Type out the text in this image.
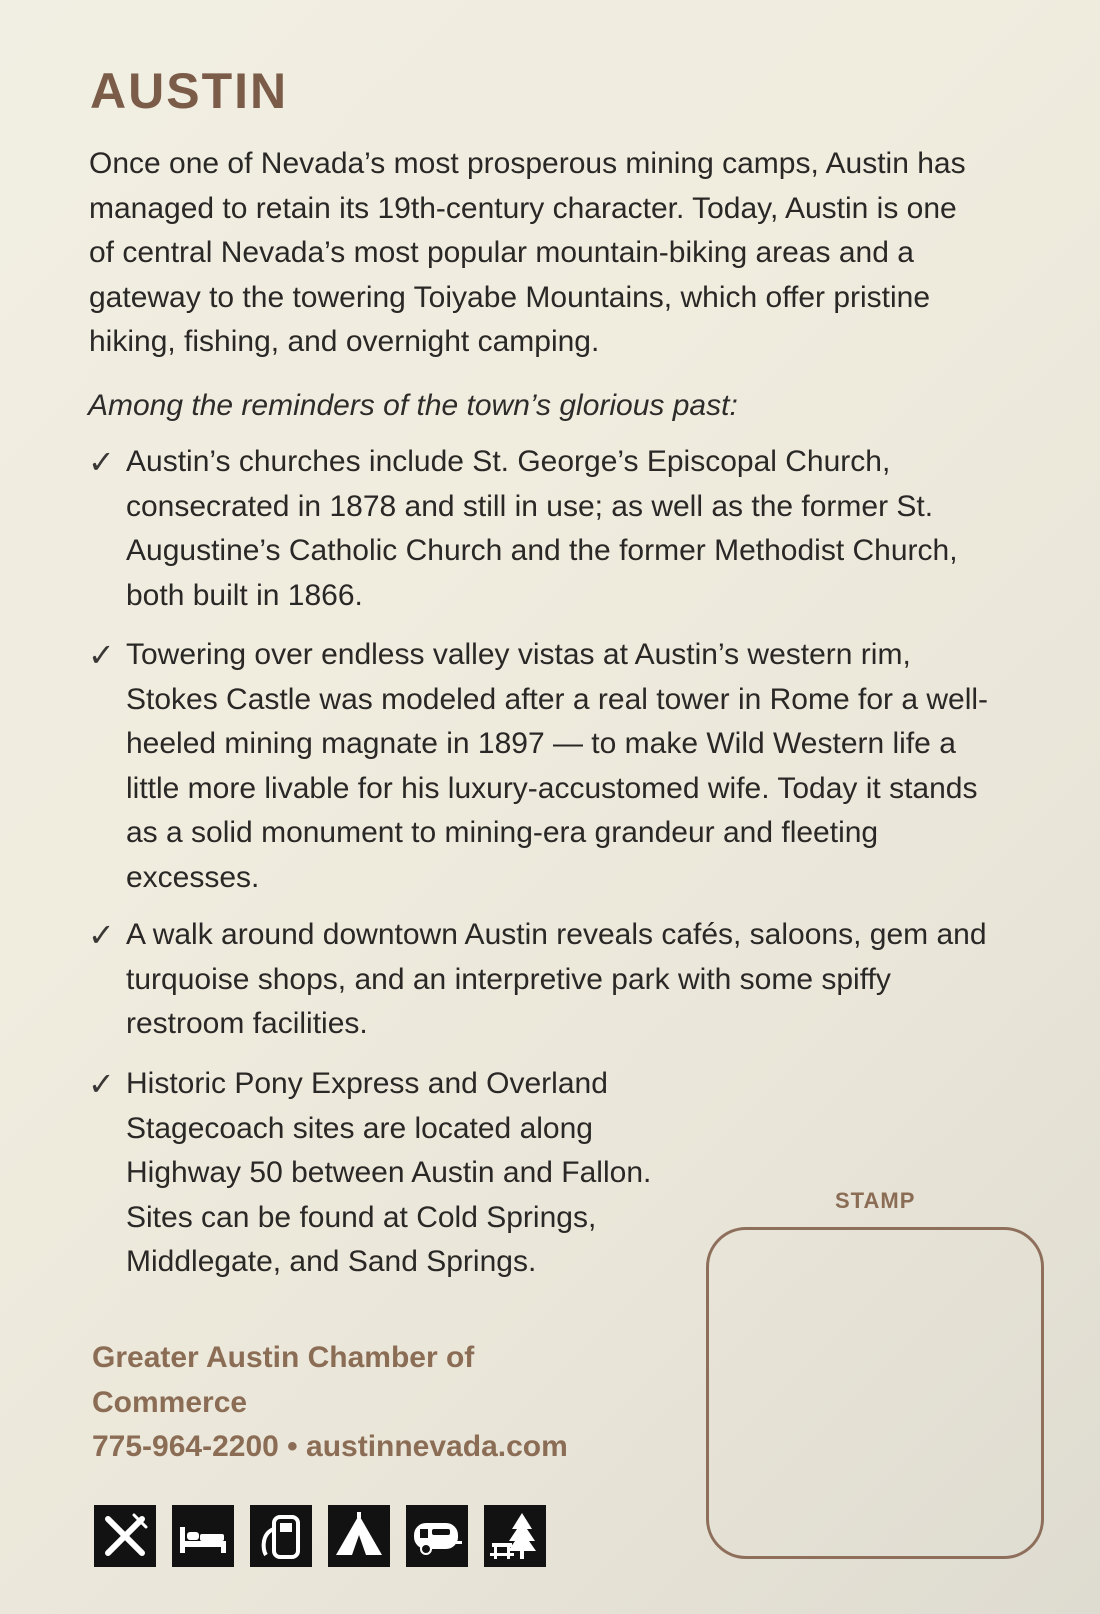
AUSTIN
Once one of Nevada’s most prosperous mining camps, Austin has managed to retain its 19th-century character. Today, Austin is one of central Nevada’s most popular mountain-biking areas and a gateway to the towering Toiyabe Mountains, which offer pristine hiking, fishing, and overnight camping.
Among the reminders of the town’s glorious past:
✓ Austin’s churches include St. George’s Episcopal Church, consecrated in 1878 and still in use; as well as the former St. Augustine’s Catholic Church and the former Methodist Church, both built in 1866.
✓ Towering over endless valley vistas at Austin’s western rim, Stokes Castle was modeled after a real tower in Rome for a well-heeled mining magnate in 1897 — to make Wild Western life a little more livable for his luxury-accustomed wife. Today it stands as a solid monument to mining-era grandeur and fleeting excesses.
✓ A walk around downtown Austin reveals cafés, saloons, gem and turquoise shops, and an interpretive park with some spiffy restroom facilities.
✓ Historic Pony Express and Overland Stagecoach sites are located along Highway 50 between Austin and Fallon. Sites can be found at Cold Springs, Middlegate, and Sand Springs.
Greater Austin Chamber of
Commerce
775-964-2200 • austinnevada.com
STAMP
